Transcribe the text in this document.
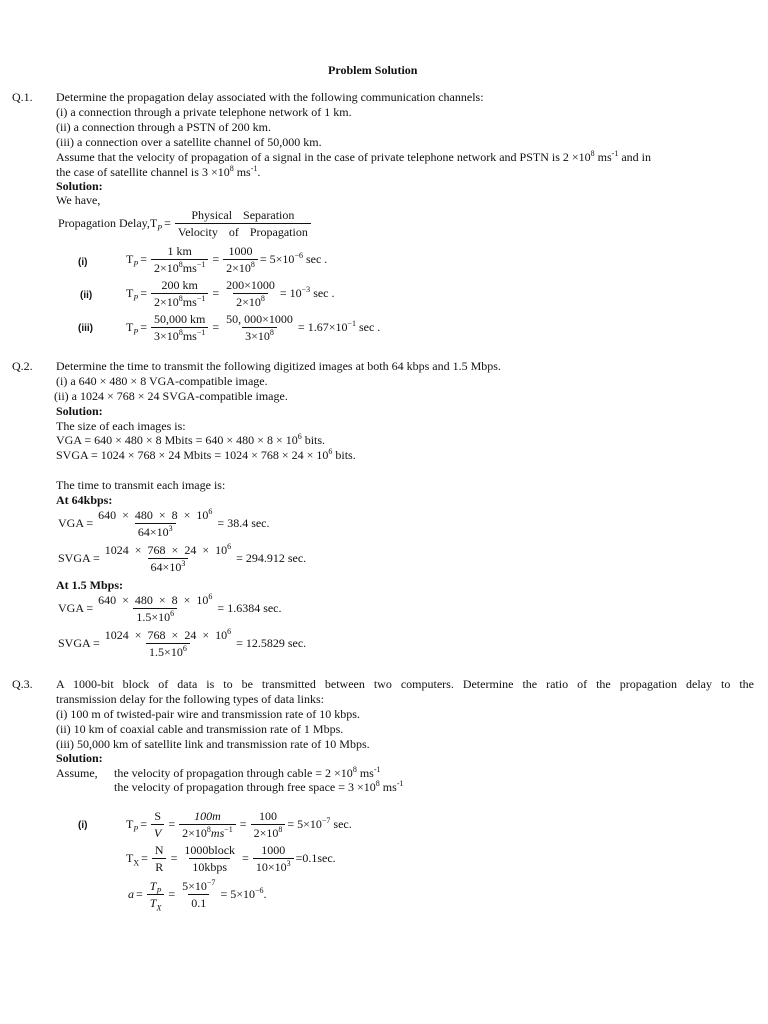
Problem Solution
Q.1. Determine the propagation delay associated with the following communication channels:
(i) a connection through a private telephone network of 1 km.
(ii) a connection through a PSTN of 200 km.
(iii) a connection over a satellite channel of 50,000 km.
Assume that the velocity of propagation of a signal in the case of private telephone network and PSTN is $2 \times 10^8$ $ms^{-1}$ and in
the case of satellite channel is $3 \times 10^8$ $ms^{-1}$.
Solution:
We have,
Propagation $Delay,T_P = \frac{\text{Physical Separation}}{\text{Velocity of Propagation}}$
(i)	$T_P = \frac{1 km}{2\times 10^8ms^{-1}} = \frac{1000}{2\times 10^8} = 5\times 10^{-6}$ sec .
(ii)	$T_P = \frac{200 km}{2\times 10^8ms^{-1}} = \frac{200\times 1000}{2\times 10^8} = 10^{-3}$ sec .
(iii)	$T_P = \frac{50,000 km}{3\times 10^8ms^{-1}} = \frac{50, 000\times 1000}{3\times 10^8} = 1.67\times 10^{-1}$ sec .
Q.2. Determine the time to transmit the following digitized images at both 64 kbps and 1.5 Mbps.
(i) a 640 × 480 × 8 VGA-compatible image.
(ii) a 1024 × 768 × 24 SVGA-compatible image.
Solution:
The size of each images is:
VGA = 640 × 480 × 8 Mbits = $640 \times 480 \times 8 \times 10^6$ bits.
SVGA = 1024 × 768 × 24 Mbits = $1024 \times 768 \times 24 \times 10^6$ bits.
The time to transmit each image is:
At 64kbps:
VGA = $\frac{640 \times 480 \times 8 \times 10^6}{64\times 10^3} = 38.4$ sec.
SVGA = $\frac{1024 \times 768 \times 24 \times 10^6}{64\times 10^3} = 294.912$ sec.
At 1.5 Mbps:
VGA = $\frac{640 \times 480 \times 8 \times 10^6}{1.5\times 10^6} = 1.6384$ sec.
SVGA = $\frac{1024 \times 768 \times 24 \times 10^6}{1.5\times 10^6} = 12.5829$ sec.
Q.3. A 1000-bit block of data is to be transmitted between two computers. Determine the ratio of the propagation delay to the
transmission delay for the following types of data links:
(i) 100 m of twisted-pair wire and transmission rate of 10 kbps.
(ii) 10 km of coaxial cable and transmission rate of 1 Mbps.
(iii) 50,000 km of satellite link and transmission rate of 10 Mbps.
Solution:
Assume, the velocity of propagation through cable = $2 \times 10^8$ $ms^{-1}$
the velocity of propagation through free space = $3 \times 10^8$ $ms^{-1}$
(i)	$T_P = \frac{S}{V} = \frac{100m}{2\times 10^8ms^{-1}} = \frac{100}{2\times 10^8} = 5\times 10^{-7}$ sec.
$T_X = \frac{N}{R} = \frac{\text{1000block}}{\text{10kbps}} = \frac{1000}{10\times 10^3} =0.1\sec$.
$a = \frac{T_P}{T_X} = \frac{5\times 10^{-7}}{0.1} = 5\times 10^{-6}$.
